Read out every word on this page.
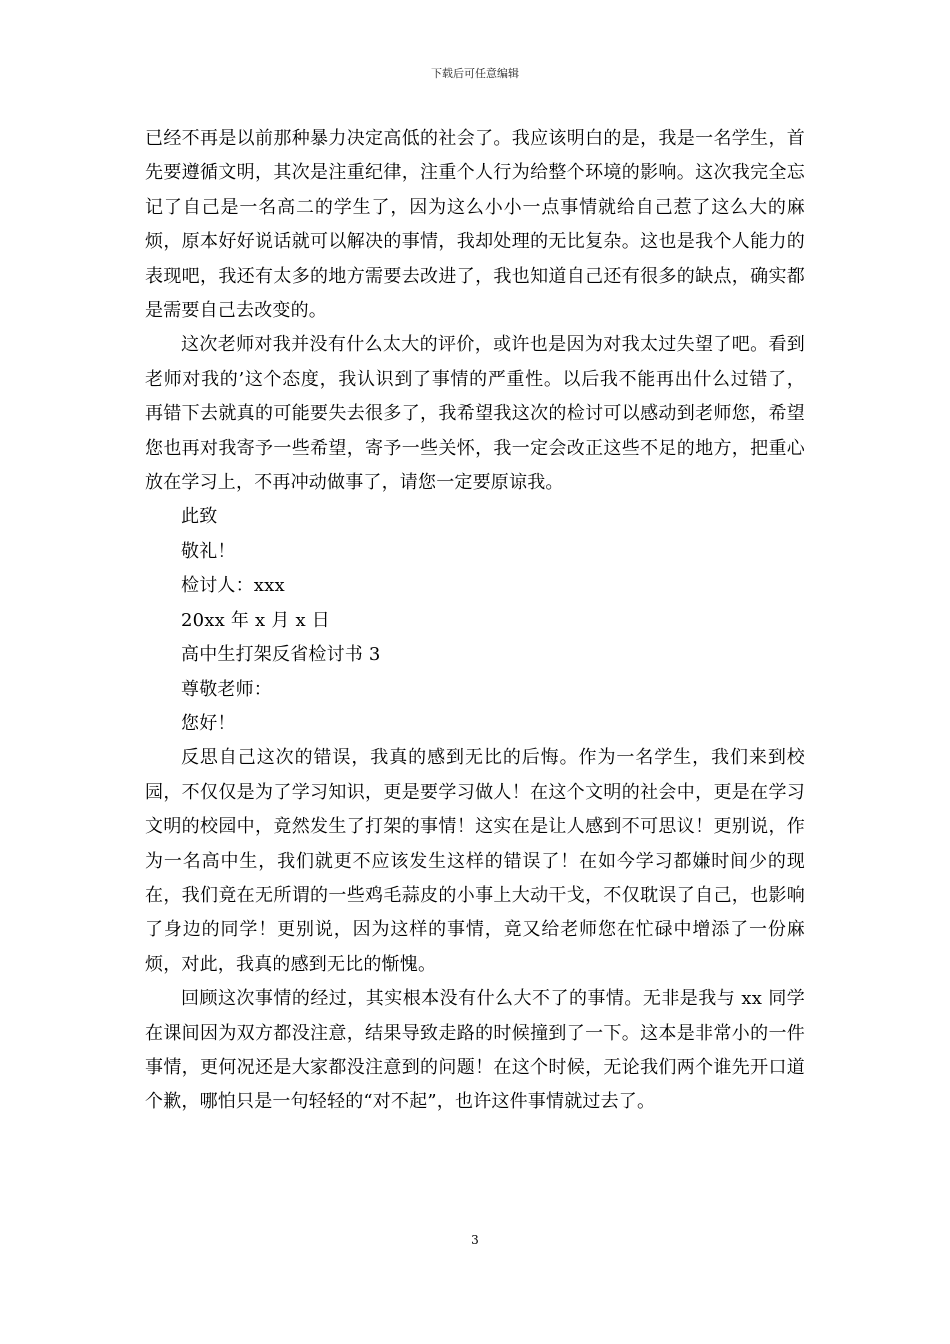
下载后可任意编辑

已经不再是以前那种暴力决定高低的社会了。我应该明白的是，我是一名学生，首先要遵循文明，其次是注重纪律，注重个人行为给整个环境的影响。这次我完全忘记了自己是一名高二的学生了，因为这么小小一点事情就给自己惹了这么大的麻烦，原本好好说话就可以解决的事情，我却处理的无比复杂。这也是我个人能力的表现吧，我还有太多的地方需要去改进了，我也知道自己还有很多的缺点，确实都是需要自己去改变的。

这次老师对我并没有什么太大的评价，或许也是因为对我太过失望了吧。看到老师对我的’这个态度，我认识到了事情的严重性。以后我不能再出什么过错了，再错下去就真的可能要失去很多了，我希望我这次的检讨可以感动到老师您，希望您也再对我寄予一些希望，寄予一些关怀，我一定会改正这些不足的地方，把重心放在学习上，不再冲动做事了，请您一定要原谅我。

此致

敬礼！

检讨人：xxx

20xx 年 x 月 x 日

高中生打架反省检讨书 3

尊敬老师：

您好！

反思自己这次的错误，我真的感到无比的后悔。作为一名学生，我们来到校园，不仅仅是为了学习知识，更是要学习做人！在这个文明的社会中，更是在学习文明的校园中，竟然发生了打架的事情！这实在是让人感到不可思议！更别说，作为一名高中生，我们就更不应该发生这样的错误了！在如今学习都嫌时间少的现在，我们竟在无所谓的一些鸡毛蒜皮的小事上大动干戈，不仅耽误了自己，也影响了身边的同学！更别说，因为这样的事情，竟又给老师您在忙碌中增添了一份麻烦，对此，我真的感到无比的惭愧。

回顾这次事情的经过，其实根本没有什么大不了的事情。无非是我与 xx 同学在课间因为双方都没注意，结果导致走路的时候撞到了一下。这本是非常小的一件事情，更何况还是大家都没注意到的问题！在这个时候，无论我们两个谁先开口道个歉，哪怕只是一句轻轻的“对不起”，也许这件事情就过去了。

3
